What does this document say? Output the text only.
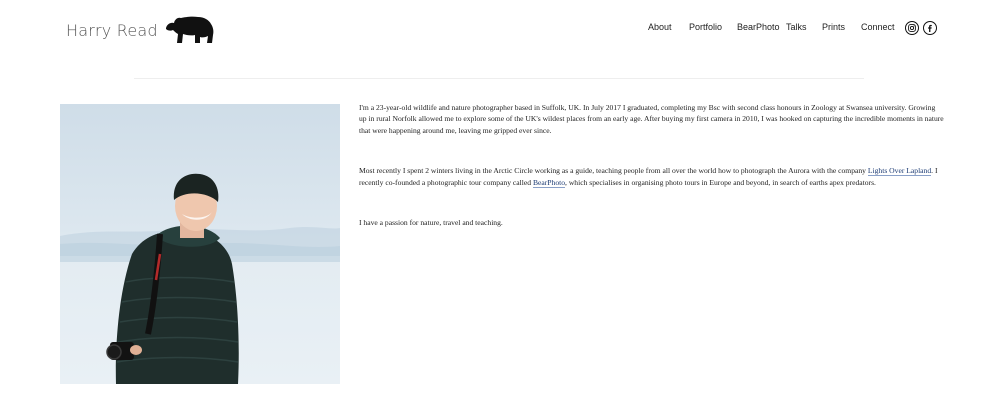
Harry Read	About Portfolio BearPhoto Talks Prints Connect

I'm a 23-year-old wildlife and nature photographer based in Suffolk, UK. In July 2017 I graduated, completing my Bsc with second class honours in Zoology at Swansea university. Growing up in rural Norfolk allowed me to explore some of the UK's wildest places from an early age. After buying my first camera in 2010, I was hooked on capturing the incredible moments in nature that were happening around me, leaving me gripped ever since.

Most recently I spent 2 winters living in the Arctic Circle working as a guide, teaching people from all over the world how to photograph the Aurora with the company Lights Over Lapland. I recently co-founded a photographic tour company called BearPhoto, which specialises in organising photo tours in Europe and beyond, in search of earths apex predators.

I have a passion for nature, travel and teaching.
